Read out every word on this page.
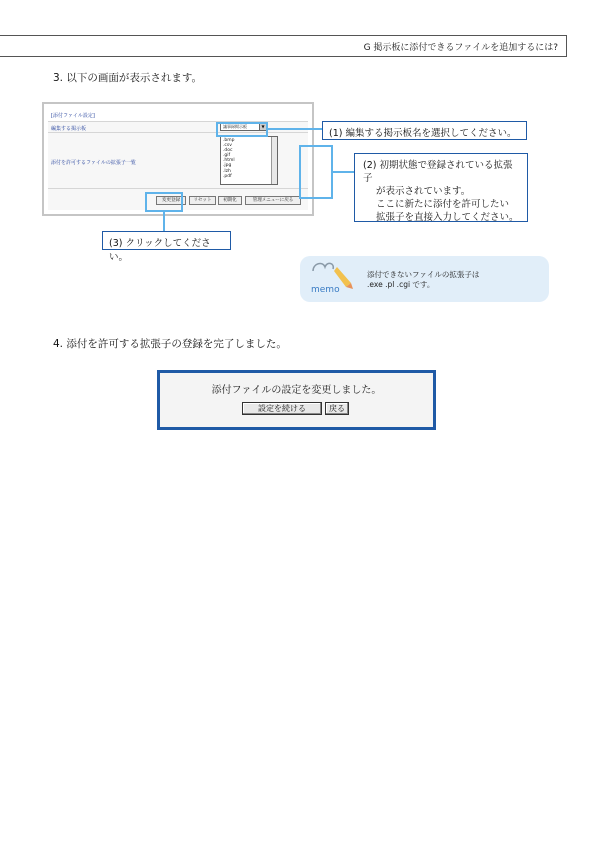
G 掲示板に添付できるファイルを追加するには?
3. 以下の画面が表示されます。
[添付ファイル設定]
編集する掲示板	議事録掲示板	▼
添付を許可するファイルの拡張子一覧
.bmp
.csv
.doc
.gif
.html
.jpg
.lzh
.pdf
変更登録	リセット	初期化	管理メニューに戻る
(1) 編集する掲示板名を選択してください。
(2) 初期状態で登録されている拡張子
が表示されています。
ここに新たに添付を許可したい
拡張子を直接入力してください。
(3) クリックしてください。
memo
添付できないファイルの拡張子は
.exe .pl .cgi です。
4. 添付を許可する拡張子の登録を完了しました。
添付ファイルの設定を変更しました。
設定を続ける	戻る
